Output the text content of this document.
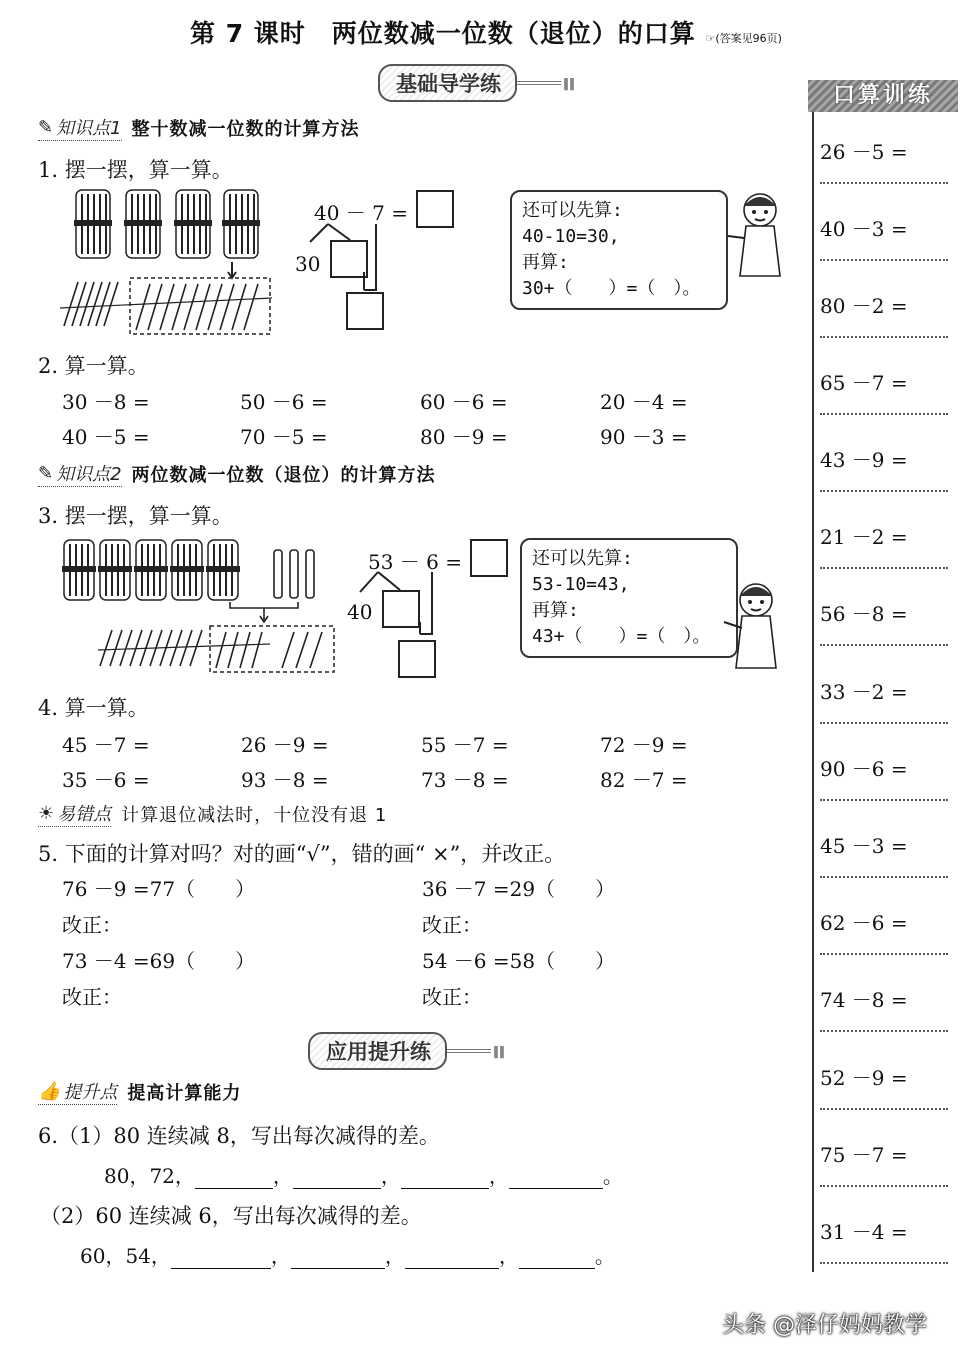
第 7 课时　两位数减一位数（退位）的口算 ☞(答案见96页)
基础导学练	‖‖
✎ 知识点1 整十数减一位数的计算方法
1. 摆一摆，算一算。
40 － 7 =
30
还可以先算:
40-10=30,
再算:
30+（　　）=（　）。
2. 算一算。
30 －8 =	50 －6 =	60 －6 =	20 －4 =
40 －5 =	70 －5 =	80 －9 =	90 －3 =
✎ 知识点2 两位数减一位数（退位）的计算方法
3. 摆一摆，算一算。
53 － 6 =
40
还可以先算:
53-10=43,
再算:
43+（　　）=（　）。
4. 算一算。
45 －7 =	26 －9 =	55 －7 =	72 －9 =
35 －6 =	93 －8 =	73 －8 =	82 －7 =
☀ 易错点 计算退位减法时，十位没有退 1
5. 下面的计算对吗？对的画“√”，错的画“ ×”，并改正。
76 －9 =77（　　）	36 －7 =29（　　）
改正：	改正：
73 －4 =69（　　）	54 －6 =58（　　）
改正：	改正：
应用提升练	‖‖
👍 提升点 提高计算能力
6.（1）80 连续减 8，写出每次减得的差。
80，72，	，	，	，	。
（2）60 连续减 6，写出每次减得的差。
60，54，	，	，	，	。
口算训练
26 －5 =
40 －3 =
80 －2 =
65 －7 =
43 －9 =
21 －2 =
56 －8 =
33 －2 =
90 －6 =
45 －3 =
62 －6 =
74 －8 =
52 －9 =
75 －7 =
31 －4 =
头条 @泽仔妈妈教学
